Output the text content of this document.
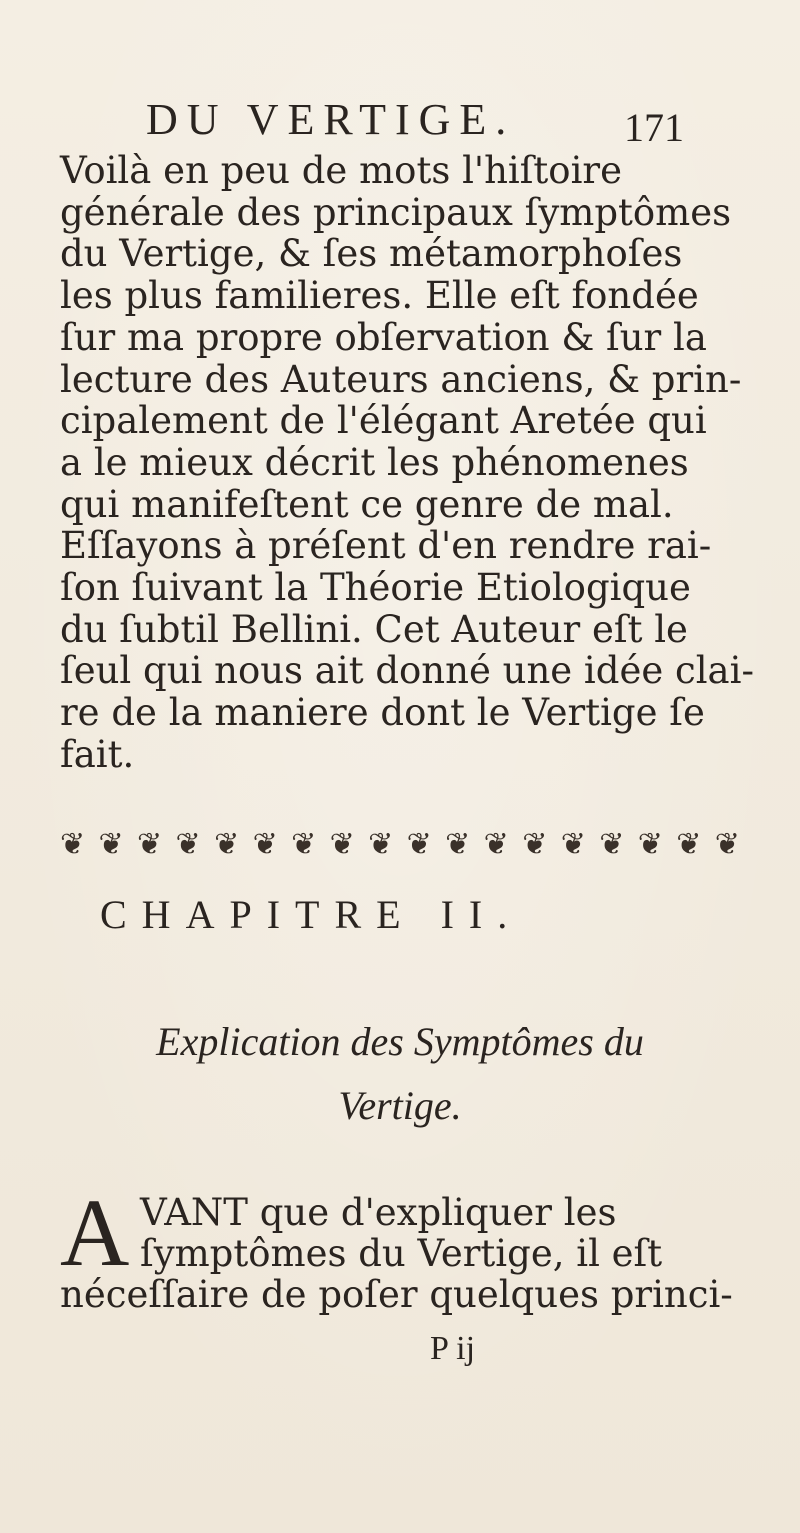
DU VERTIGE.	171
Voilà en peu de mots l'hiſtoire
générale des principaux ſymptômes
du Vertige, & ſes métamorphoſes
les plus familieres. Elle eſt fondée
ſur ma propre obſervation & ſur la
lecture des Auteurs anciens, & prin-
cipalement de l'élégant Aretée qui
a le mieux décrit les phénomenes
qui manifeſtent ce genre de mal.
Eſſayons à préſent d'en rendre rai-
ſon ſuivant la Théorie Etiologique
du ſubtil Bellini. Cet Auteur eſt le
ſeul qui nous ait donné une idée clai-
re de la maniere dont le Vertige ſe
fait.
❦ ❦ ❦ ❦ ❦ ❦ ❦ ❦ ❦ ❦ ❦ ❦ ❦ ❦ ❦ ❦ ❦ ❦
CHAPITRE II.
Explication des Symptômes du
Vertige.
A VANT que d'expliquer les
ſymptômes du Vertige, il eſt
néceſſaire de poſer quelques princi-
P ij
